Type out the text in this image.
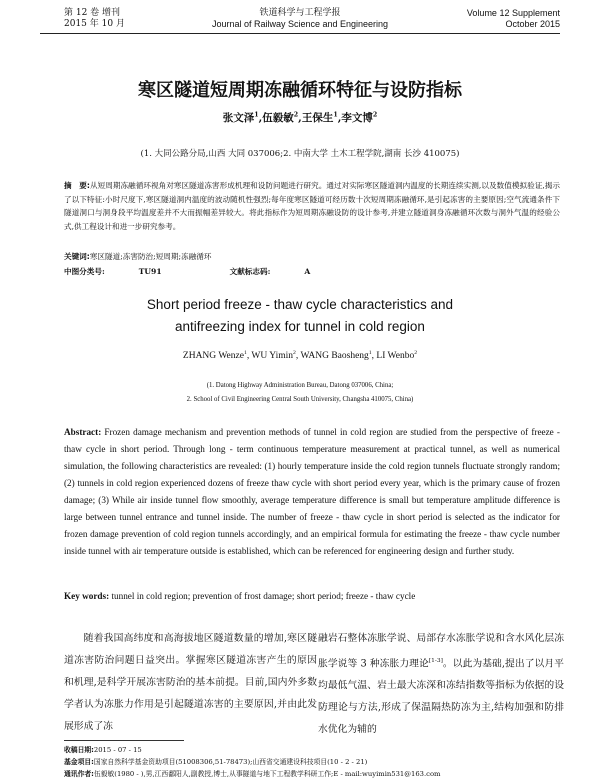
第 12 卷 增刊
2015 年 10 月
铁道科学与工程学报
Journal of Railway Science and Engineering
Volume 12 Supplement
October 2015
寒区隧道短周期冻融循环特征与设防指标
张文泽$^1$,伍毅敏$^2$,王保生$^1$,李文博$^2$
(1. 大同公路分局,山西 大同 037006;2. 中南大学 土木工程学院,湖南 长沙 410075)
摘　要:从短周期冻融循环视角对寒区隧道冻害形成机理和设防问题进行研究。通过对实际寒区隧道洞内温度的长期连续实测,以及数值模拟验证,揭示了以下特征:小时尺度下,寒区隧道洞内温度的波动随机性强烈;每年度寒区隧道可经历数十次短周期冻融循环,是引起冻害的主要原因;空气流通条件下隧道洞口与洞身段平均温度差并不大而振幅差异较大。将此指标作为短周期冻融设防的设计参考,并建立隧道洞身冻融循环次数与洞外气温的经验公式,供工程设计和进一步研究参考。
关键词:寒区隧道;冻害防治;短周期;冻融循环
中图分类号:	TU91	文献标志码:	A
Short period freeze - thaw cycle characteristics and
antifreezing index for tunnel in cold region
ZHANG Wenze$^1$, WU Yimin$^2$, WANG Baosheng$^1$, LI Wenbo$^2$
(1. Datong Highway Administration Bureau, Datong 037006, China;
2. School of Civil Engineering Central South University, Changsha 410075, China)
Abstract: Frozen damage mechanism and prevention methods of tunnel in cold region are studied from the perspective of freeze - thaw cycle in short period. Through long - term continuous temperature measurement at practical tunnel, as well as numerical simulation, the following characteristics are revealed: (1) hourly temperature inside the cold region tunnels fluctuate strongly random; (2) tunnels in cold region experienced dozens of freeze thaw cycle with short period every year, which is the primary cause of frozen damage; (3) While air inside tunnel flow smoothly, average temperature difference is small but temperature amplitude difference is large between tunnel entrance and tunnel inside. The number of freeze - thaw cycle in short period is selected as the indicator for frozen damage prevention of cold region tunnels accordingly, and an empirical formula for estimating the freeze - thaw cycle number inside tunnel with air temperature outside is established, which can be referenced for engineering design and further study.
Key words: tunnel in cold region; prevention of frost damage; short period; freeze - thaw cycle
随着我国高纬度和高海拔地区隧道数量的增加,寒区隧道冻害防治问题日益突出。掌握寒区隧道冻害产生的原因和机理,是科学开展冻害防治的基本前提。目前,国内外多数学者认为冻胀力作用是引起隧道冻害的主要原因,并由此发展形成了冻
融岩石整体冻胀学说、局部存水冻胀学说和含水风化层冻胀学说等 3 种冻胀力理论[1-3]。以此为基础,提出了以月平均最低气温、岩土最大冻深和冻结指数等指标为依据的设防理论与方法,形成了保温隔热防冻为主,结构加强和防排水优化为辅的
收稿日期:2015 - 07 - 15
基金项目:国家自然科学基金资助项目(51008306,51-78473);山西省交通建设科技项目(10 - 2 - 21)
通讯作者:伍毅敏(1980 - ),男,江西鄱阳人,副教授,博士,从事隧道与地下工程教学科研工作;E - mail:wuyimin531@163.com
